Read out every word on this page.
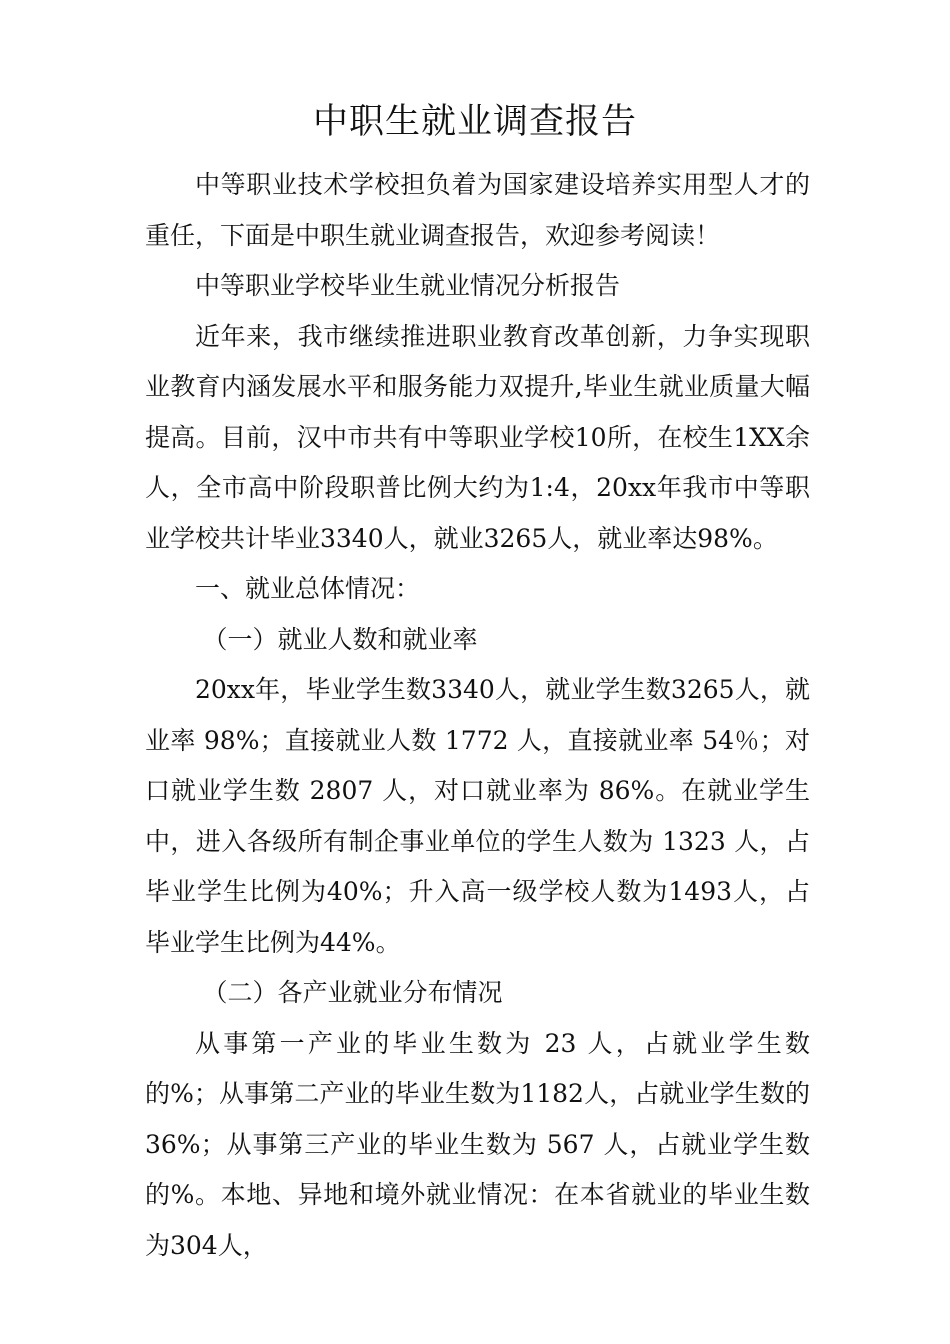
中职生就业调查报告

中等职业技术学校担负着为国家建设培养实用型人才的重任，下面是中职生就业调查报告，欢迎参考阅读！

中等职业学校毕业生就业情况分析报告

近年来，我市继续推进职业教育改革创新，力争实现职业教育内涵发展水平和服务能力双提升,毕业生就业质量大幅提高。目前，汉中市共有中等职业学校10所，在校生1XX余人，全市高中阶段职普比例大约为1:4，20xx年我市中等职业学校共计毕业3340人，就业3265人，就业率达98%。

一、就业总体情况：

（一）就业人数和就业率

20xx年，毕业学生数3340人，就业学生数3265人，就业率 98%；直接就业人数 1772 人，直接就业率 54％；对口就业学生数 2807 人，对口就业率为 86%。在就业学生中，进入各级所有制企事业单位的学生人数为 1323 人，占毕业学生比例为40%；升入高一级学校人数为1493人，占毕业学生比例为44%。

（二）各产业就业分布情况

从事第一产业的毕业生数为 23 人，占就业学生数的%；从事第二产业的毕业生数为1182人，占就业学生数的36%；从事第三产业的毕业生数为 567 人，占就业学生数的%。本地、异地和境外就业情况：在本省就业的毕业生数为304人，
